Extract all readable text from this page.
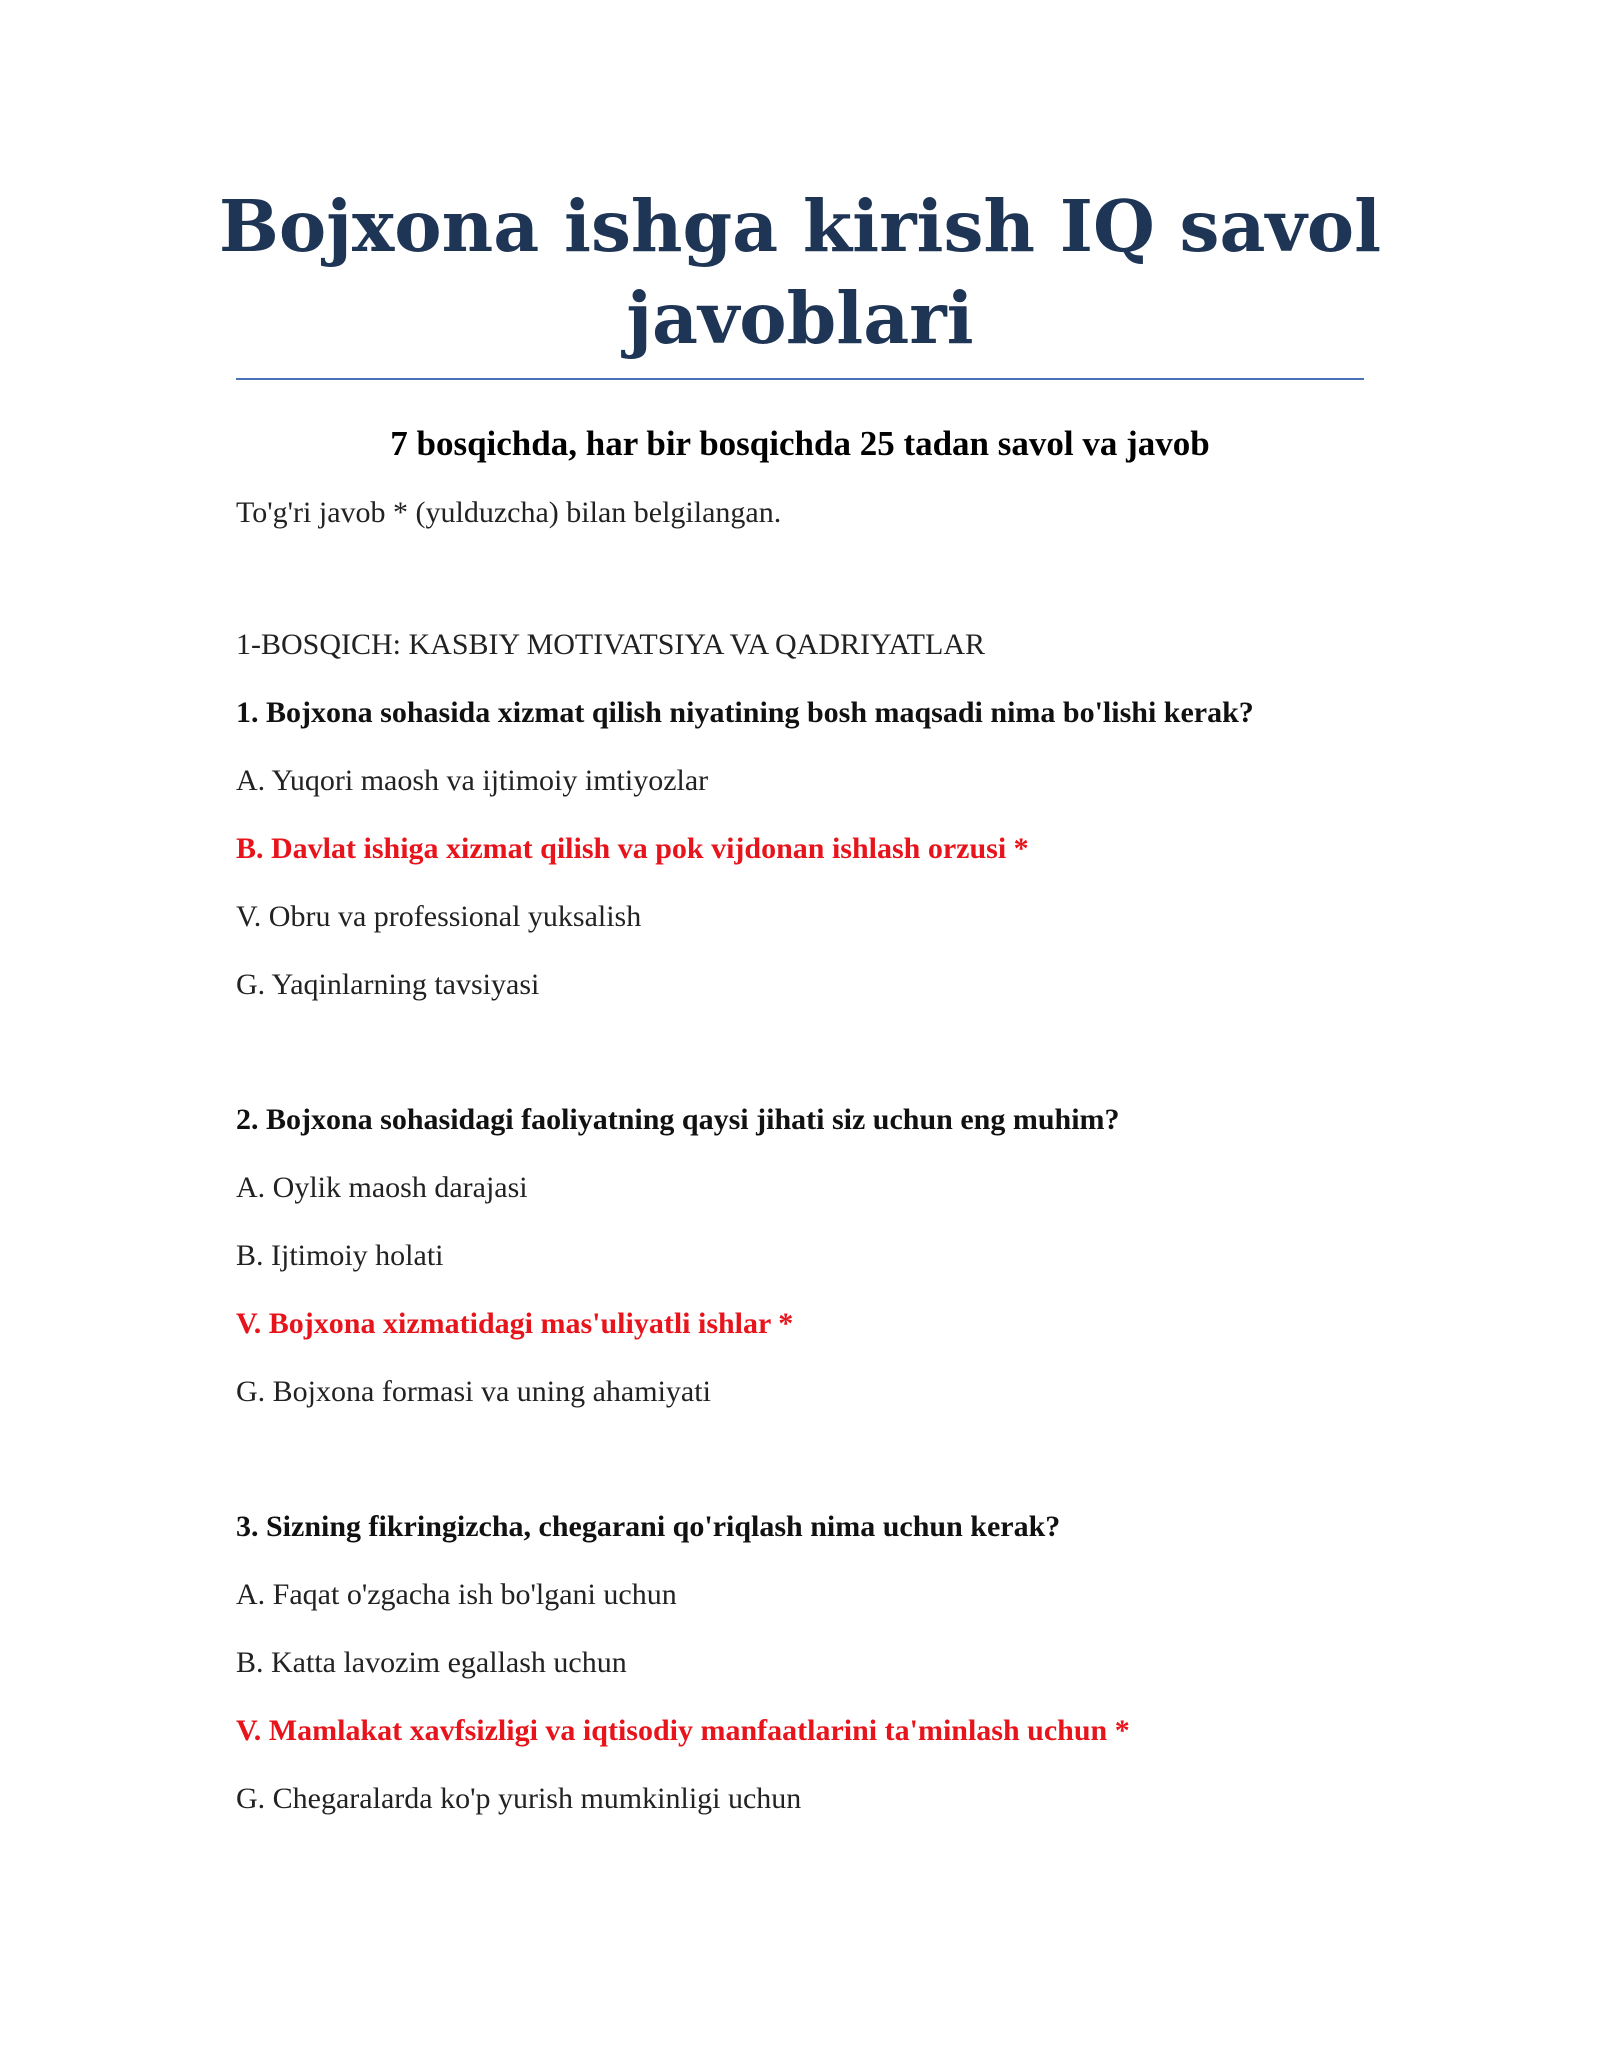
Bojxona ishga kirish IQ savol javoblari
7 bosqichda, har bir bosqichda 25 tadan savol va javob
To'g'ri javob * (yulduzcha) bilan belgilangan.
1-BOSQICH: KASBIY MOTIVATSIYA VA QADRIYATLAR
1. Bojxona sohasida xizmat qilish niyatining bosh maqsadi nima bo'lishi kerak?
A. Yuqori maosh va ijtimoiy imtiyozlar
B. Davlat ishiga xizmat qilish va pok vijdonan ishlash orzusi *
V. Obru va professional yuksalish
G. Yaqinlarning tavsiyasi
2. Bojxona sohasidagi faoliyatning qaysi jihati siz uchun eng muhim?
A. Oylik maosh darajasi
B. Ijtimoiy holati
V. Bojxona xizmatidagi mas'uliyatli ishlar *
G. Bojxona formasi va uning ahamiyati
3. Sizning fikringizcha, chegarani qo'riqlash nima uchun kerak?
A. Faqat o'zgacha ish bo'lgani uchun
B. Katta lavozim egallash uchun
V. Mamlakat xavfsizligi va iqtisodiy manfaatlarini ta'minlash uchun *
G. Chegaralarda ko'p yurish mumkinligi uchun
